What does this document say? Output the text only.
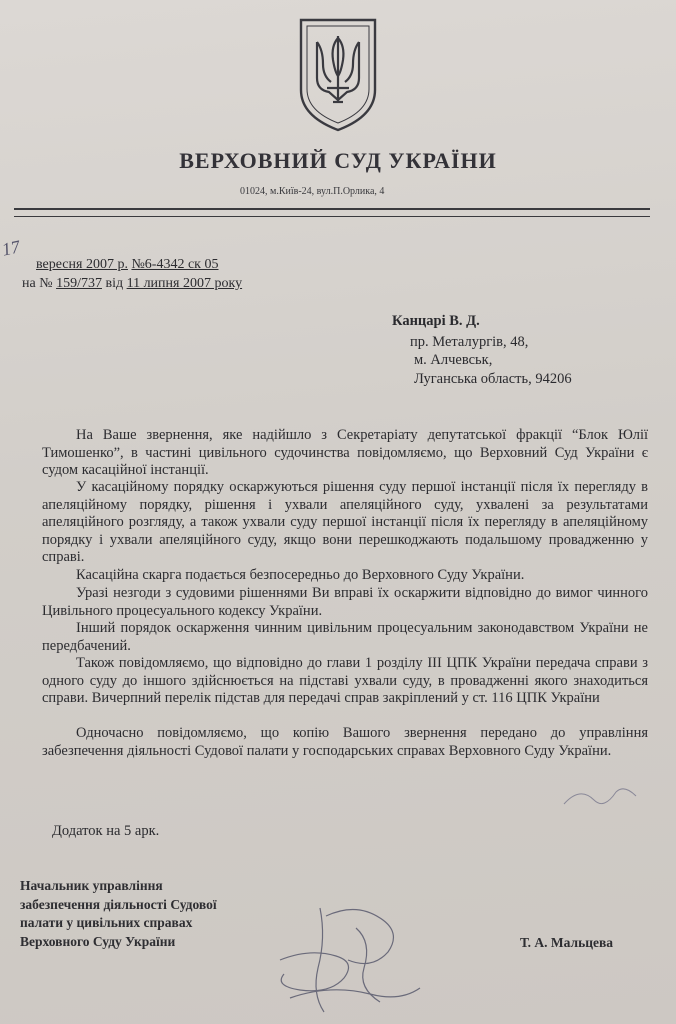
ВЕРХОВНИЙ СУД УКРАЇНИ
01024, м.Київ-24, вул.П.Орлика, 4
17
вересня 2007 р. №6-4342 ск 05
на № 159/737 від 11 липня 2007 року
Канцарі В. Д.
пр. Металургів, 48,
м. Алчевськ,
Луганська область, 94206

На Ваше звернення, яке надійшло з Секретаріату депутатської фракції “Блок Юлії Тимошенко”, в частині цивільного судочинства повідомляємо, що Верховний Суд України є судом касаційної інстанції.

У касаційному порядку оскаржуються рішення суду першої інстанції після їх перегляду в апеляційному порядку, рішення і ухвали апеляційного суду, ухвалені за результатами апеляційного розгляду, а також ухвали суду першої інстанції після їх перегляду в апеляційному порядку і ухвали апеляційного суду, якщо вони перешкоджають подальшому провадженню у справі.

Касаційна скарга подається безпосередньо до Верховного Суду України.

Уразі незгоди з судовими рішеннями Ви вправі їх оскаржити відповідно до вимог чинного Цивільного процесуального кодексу України.

Інший порядок оскарження чинним цивільним процесуальним законодавством України не передбачений.

Також повідомляємо, що відповідно до глави 1 розділу ІІІ ЦПК України передача справи з одного суду до іншого здійснюється на підставі ухвали суду, в провадженні якого знаходиться справи. Вичерпний перелік підстав для передачі справ закріплений у ст. 116 ЦПК України

Одночасно повідомляємо, що копію Вашого звернення передано до управління забезпечення діяльності Судової палати у господарських справах Верховного Суду України.

Додаток на 5 арк.
Начальник управління
забезпечення діяльності Судової
палати у цивільних справах
Верховного Суду України	Т. А. Мальцева
